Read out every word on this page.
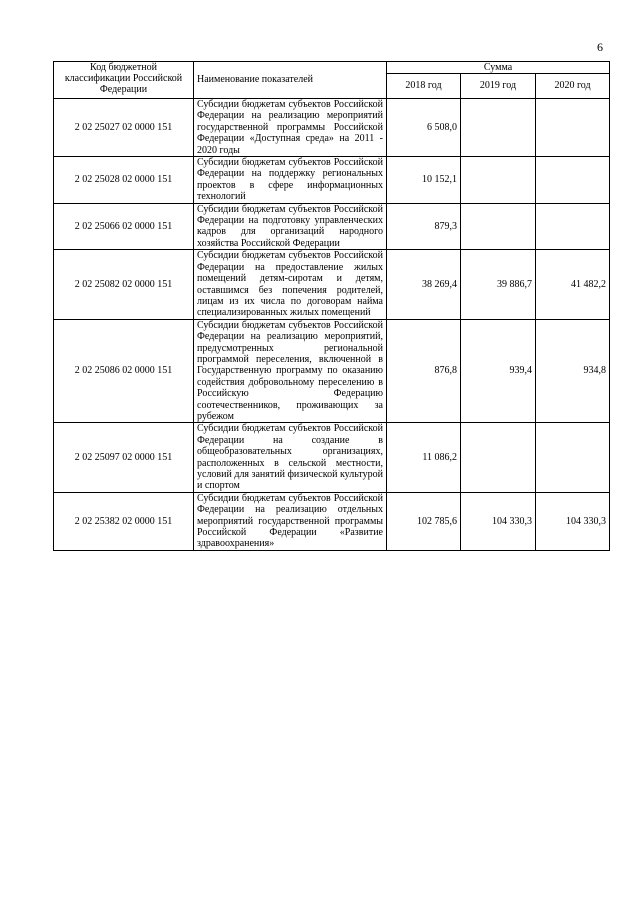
6
Код бюджетной классификации Российской Федерации	Наименование показателей	Сумма		
		2018 год	2019 год	2020 год
2 02 25027 02 0000 151	Субсидии бюджетам субъектов Российской Федерации на реализацию мероприятий государственной программы Российской Федерации «Доступная среда» на 2011 - 2020 годы	6 508,0		
2 02 25028 02 0000 151	Субсидии бюджетам субъектов Российской Федерации на поддержку региональных проектов в сфере информационных технологий	10 152,1		
2 02 25066 02 0000 151	Субсидии бюджетам субъектов Российской Федерации на подготовку управленческих кадров для организаций народного хозяйства Российской Федерации	879,3		
2 02 25082 02 0000 151	Субсидии бюджетам субъектов Российской Федерации на предоставление жилых помещений детям-сиротам и детям, оставшимся без попечения родителей, лицам из их числа по договорам найма специализированных жилых помещений	38 269,4	39 886,7	41 482,2
2 02 25086 02 0000 151	Субсидии бюджетам субъектов Российской Федерации на реализацию мероприятий, предусмотренных региональной программой переселения, включенной в Государственную программу по оказанию содействия добровольному переселению в Российскую Федерацию соотечественников, проживающих за рубежом	876,8	939,4	934,8
2 02 25097 02 0000 151	Субсидии бюджетам субъектов Российской Федерации на создание в общеобразовательных организациях, расположенных в сельской местности, условий для занятий физической культурой и спортом	11 086,2		
2 02 25382 02 0000 151	Субсидии бюджетам субъектов Российской Федерации на реализацию отдельных мероприятий государственной программы Российской Федерации «Развитие здравоохранения»	102 785,6	104 330,3	104 330,3
